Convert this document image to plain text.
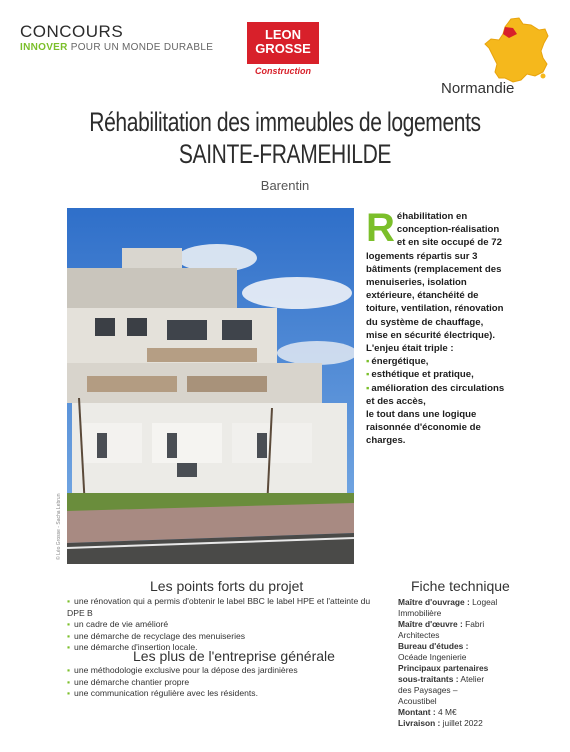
CONCOURS
INNOVER POUR UN MONDE DURABLE
LEON
GROSSE
Construction
Normandie
Réhabilitation des immeubles de logements
SAINTE-FRAMEHILDE
Barentin
R éhabilitation en conception-réalisation et en site occupé de 72 logements répartis sur 3 bâtiments (remplacement des menuiseries, isolation extérieure, étanchéité de toiture, ventilation, rénovation du système de chauffage, mise en sécurité électrique). L'enjeu était triple :

▪ énergétique,

▪ esthétique et pratique,

▪ amélioration des circulations et des accès,

le tout dans une logique raisonnée d'économie de charges.

Les points forts du projet
▪ une rénovation qui a permis d'obtenir le label BBC le label HPE et l'atteinte du DPE B
▪ un cadre de vie amélioré
▪ une démarche de recyclage des menuiseries
▪ une démarche d'insertion locale.
Les plus de l'entreprise générale
▪ une méthodologie exclusive pour la dépose des jardinières
▪ une démarche chantier propre
▪ une communication régulière avec les résidents.
Fiche technique
Maître d'ouvrage : Logeal Immobilière
Maître d'œuvre : Fabri Architectes
Bureau d'études : Océade Ingenierie
Principaux partenaires sous-traitants : Atelier des Paysages – Acoustibel
Montant : 4 M€
Livraison : juillet 2022
© Léo Grosse - Sacha Lebrun
